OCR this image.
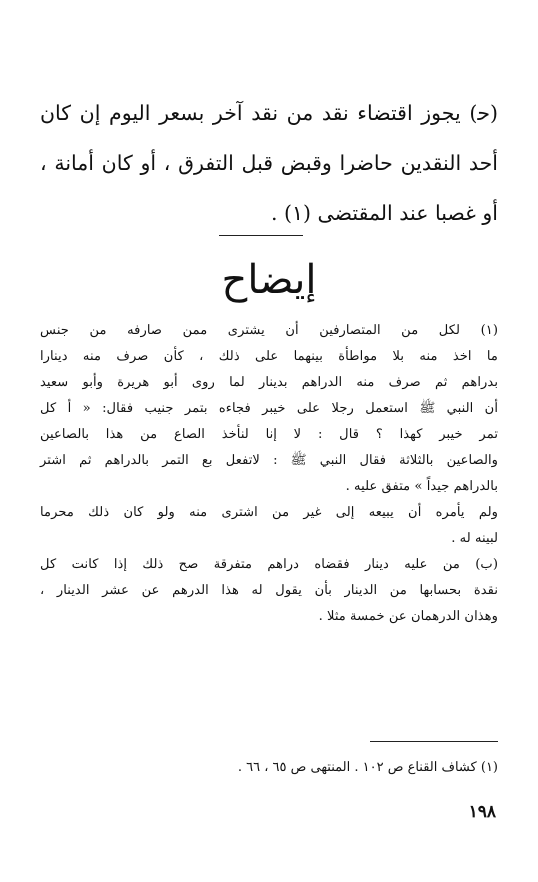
(ﺣ) يجوز اقتضاء نقد من نقد آخر بسعر اليوم إن كان
أحد النقدين حاضرا وقبض قبل التفرق ، أو كان أمانة ،
أو غصبا عند المقتضى (١) .
إيضاح
(١) لكل من المتصارفين أن يشترى ممن صارفه من جنس
ما اخذ منه بلا مواطأة بينهما على ذلك ، كأن صرف منه دينارا
بدراهم ثم صرف منه الدراهم بدينار لما روى أبو هريرة وأبو سعيد
أن النبي ﷺ استعمل رجلا على خيبر فجاءه بتمر جنيب فقال: « أ كل
تمر خيبر كهذا ؟ قال : لا إنا لنأخذ الصاع من هذا بالصاعين
والصاعين بالثلاثة فقال النبي ﷺ : لاتفعل بع التمر بالدراهم ثم اشتر
بالدراهم جيداً » متفق عليه .
ولم يأمره أن يبيعه إلى غير من اشترى منه ولو كان ذلك محرما
لبينه له .
(ب) من عليه دينار فقضاه دراهم متفرقة صح ذلك إذا كانت كل
نقدة بحسابها من الدينار بأن يقول له هذا الدرهم عن عشر الدينار ،
وهذان الدرهمان عن خمسة مثلا .
(١) كشاف القناع ص ١٠٢ . المنتهى ص ٦٥ ، ٦٦ .
١٩٨
